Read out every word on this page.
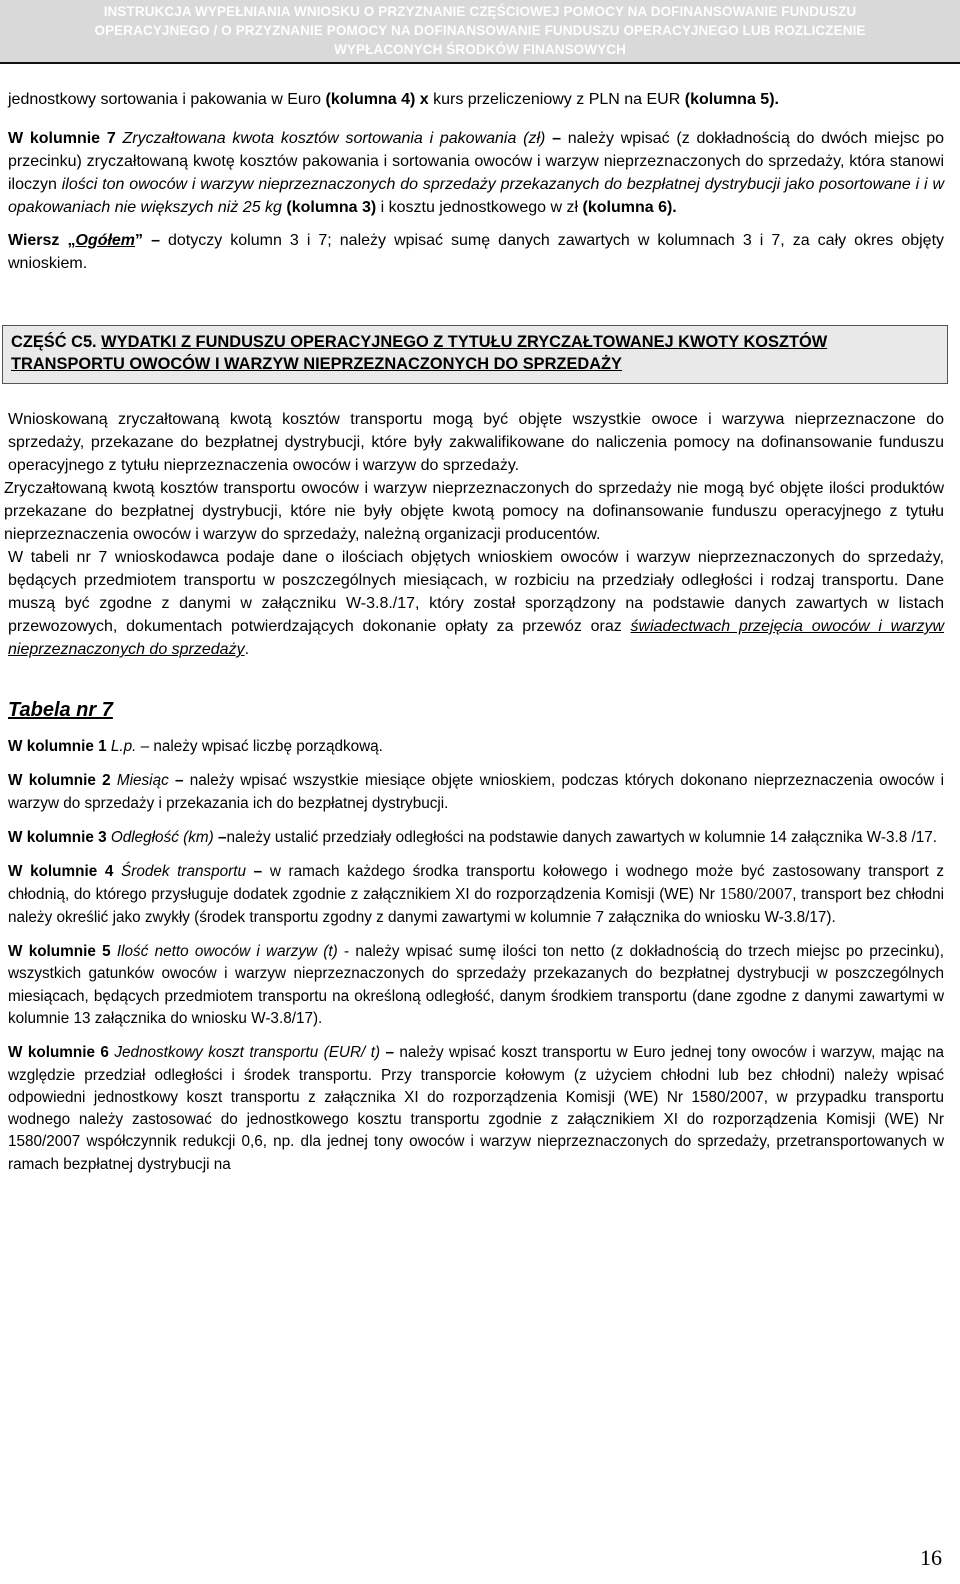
INSTRUKCJA WYPEŁNIANIA WNIOSKU O PRZYZNANIE CZĘŚCIOWEJ POMOCY NA DOFINANSOWANIE FUNDUSZU
OPERACYJNEGO / O PRZYZNANIE POMOCY NA DOFINANSOWANIE FUNDUSZU OPERACYJNEGO LUB ROZLICZENIE
WYPŁACONYCH ŚRODKÓW FINANSOWYCH

jednostkowy sortowania i pakowania w Euro (kolumna 4) x kurs przeliczeniowy z PLN na EUR (kolumna 5).

W kolumnie 7 Zryczałtowana kwota kosztów sortowania i pakowania (zł) – należy wpisać (z dokładnością do dwóch miejsc po przecinku) zryczałtowaną kwotę kosztów pakowania i sortowania owoców i warzyw nieprzeznaczonych do sprzedaży, która stanowi iloczyn ilości ton owoców i warzyw nieprzeznaczonych do sprzedaży przekazanych do bezpłatnej dystrybucji jako posortowane i i w opakowaniach nie większych niż 25 kg (kolumna 3) i kosztu jednostkowego w zł (kolumna 6).

Wiersz „Ogółem” – dotyczy kolumn 3 i 7; należy wpisać sumę danych zawartych w kolumnach 3 i 7, za cały okres objęty wnioskiem.

CZĘŚĆ C5. WYDATKI Z FUNDUSZU OPERACYJNEGO Z TYTUŁU ZRYCZAŁTOWANEJ KWOTY KOSZTÓW TRANSPORTU OWOCÓW I WARZYW NIEPRZEZNACZONYCH DO SPRZEDAŻY

Wnioskowaną zryczałtowaną kwotą kosztów transportu mogą być objęte wszystkie owoce i warzywa nieprzeznaczone do sprzedaży, przekazane do bezpłatnej dystrybucji, które były zakwalifikowane do naliczenia pomocy na dofinansowanie funduszu operacyjnego z tytułu nieprzeznaczenia owoców i warzyw do sprzedaży.

Zryczałtowaną kwotą kosztów transportu owoców i warzyw nieprzeznaczonych do sprzedaży nie mogą być objęte ilości produktów przekazane do bezpłatnej dystrybucji, które nie były objęte kwotą pomocy na dofinansowanie funduszu operacyjnego z tytułu nieprzeznaczenia owoców i warzyw do sprzedaży, należną organizacji producentów.

W tabeli nr 7 wnioskodawca podaje dane o ilościach objętych wnioskiem owoców i warzyw nieprzeznaczonych do sprzedaży, będących przedmiotem transportu w poszczególnych miesiącach, w rozbiciu na przedziały odległości i rodzaj transportu. Dane muszą być zgodne z danymi w załączniku W-3.8./17, który został sporządzony na podstawie danych zawartych w listach przewozowych, dokumentach potwierdzających dokonanie opłaty za przewóz oraz świadectwach przejęcia owoców i warzyw nieprzeznaczonych do sprzedaży.

Tabela nr 7

W kolumnie 1 L.p. – należy wpisać liczbę porządkową.

W kolumnie 2 Miesiąc – należy wpisać wszystkie miesiące objęte wnioskiem, podczas których dokonano nieprzeznaczenia owoców i warzyw do sprzedaży i przekazania ich do bezpłatnej dystrybucji.

W kolumnie 3 Odległość (km) –należy ustalić przedziały odległości na podstawie danych zawartych w kolumnie 14 załącznika W-3.8 /17.

W kolumnie 4 Środek transportu – w ramach każdego środka transportu kołowego i wodnego może być zastosowany transport z chłodnią, do którego przysługuje dodatek zgodnie z załącznikiem XI do rozporządzenia Komisji (WE) Nr 1580/2007, transport bez chłodni należy określić jako zwykły (środek transportu zgodny z danymi zawartymi w kolumnie 7 załącznika do wniosku W-3.8/17).

W kolumnie 5 Ilość netto owoców i warzyw (t) - należy wpisać sumę ilości ton netto (z dokładnością do trzech miejsc po przecinku), wszystkich gatunków owoców i warzyw nieprzeznaczonych do sprzedaży przekazanych do bezpłatnej dystrybucji w poszczególnych miesiącach, będących przedmiotem transportu na określoną odległość, danym środkiem transportu (dane zgodne z danymi zawartymi w kolumnie 13 załącznika do wniosku W-3.8/17).

W kolumnie 6 Jednostkowy koszt transportu (EUR/ t) – należy wpisać koszt transportu w Euro jednej tony owoców i warzyw, mając na względzie przedział odległości i środek transportu. Przy transporcie kołowym (z użyciem chłodni lub bez chłodni) należy wpisać odpowiedni jednostkowy koszt transportu z załącznika XI do rozporządzenia Komisji (WE) Nr 1580/2007, w przypadku transportu wodnego należy zastosować do jednostkowego kosztu transportu zgodnie z załącznikiem XI do rozporządzenia Komisji (WE) Nr 1580/2007 współczynnik redukcji 0,6, np. dla jednej tony owoców i warzyw nieprzeznaczonych do sprzedaży, przetransportowanych w ramach bezpłatnej dystrybucji na

16
